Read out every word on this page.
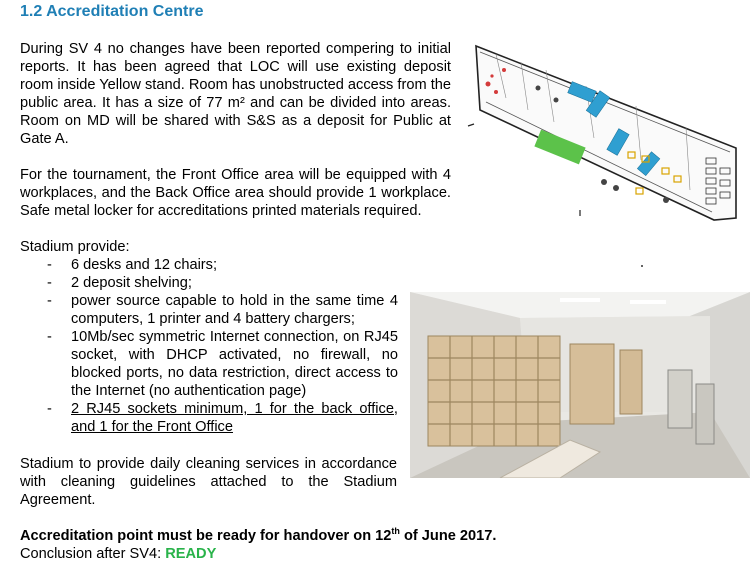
1.2 Accreditation Centre
During SV 4 no changes have been reported compering to initial reports. It has been agreed that LOC will use existing deposit room inside Yellow stand. Room has unobstructed access from the public area. It has a size of 77 m² and can be divided into areas. Room on MD will be shared with S&S as a deposit for Public at Gate A.
For the tournament, the Front Office area will be equipped with 4 workplaces, and the Back Office area should provide 1 workplace. Safe metal locker for accreditations printed materials required.
Stadium provide:
- 6 desks and 12 chairs;
- 2 deposit shelving;
- power source capable to hold in the same time 4 computers, 1 printer and 4 battery chargers;
- 10Mb/sec symmetric Internet connection, on RJ45 socket, with DHCP activated, no firewall, no blocked ports, no data restriction, direct access to the Internet (no authentication page)
- 2 RJ45 sockets minimum, 1 for the back office, and 1 for the Front Office
Stadium to provide daily cleaning services in accordance with cleaning guidelines attached to the Stadium Agreement.
Accreditation point must be ready for handover on 12th of June 2017.
Conclusion after SV4: READY
